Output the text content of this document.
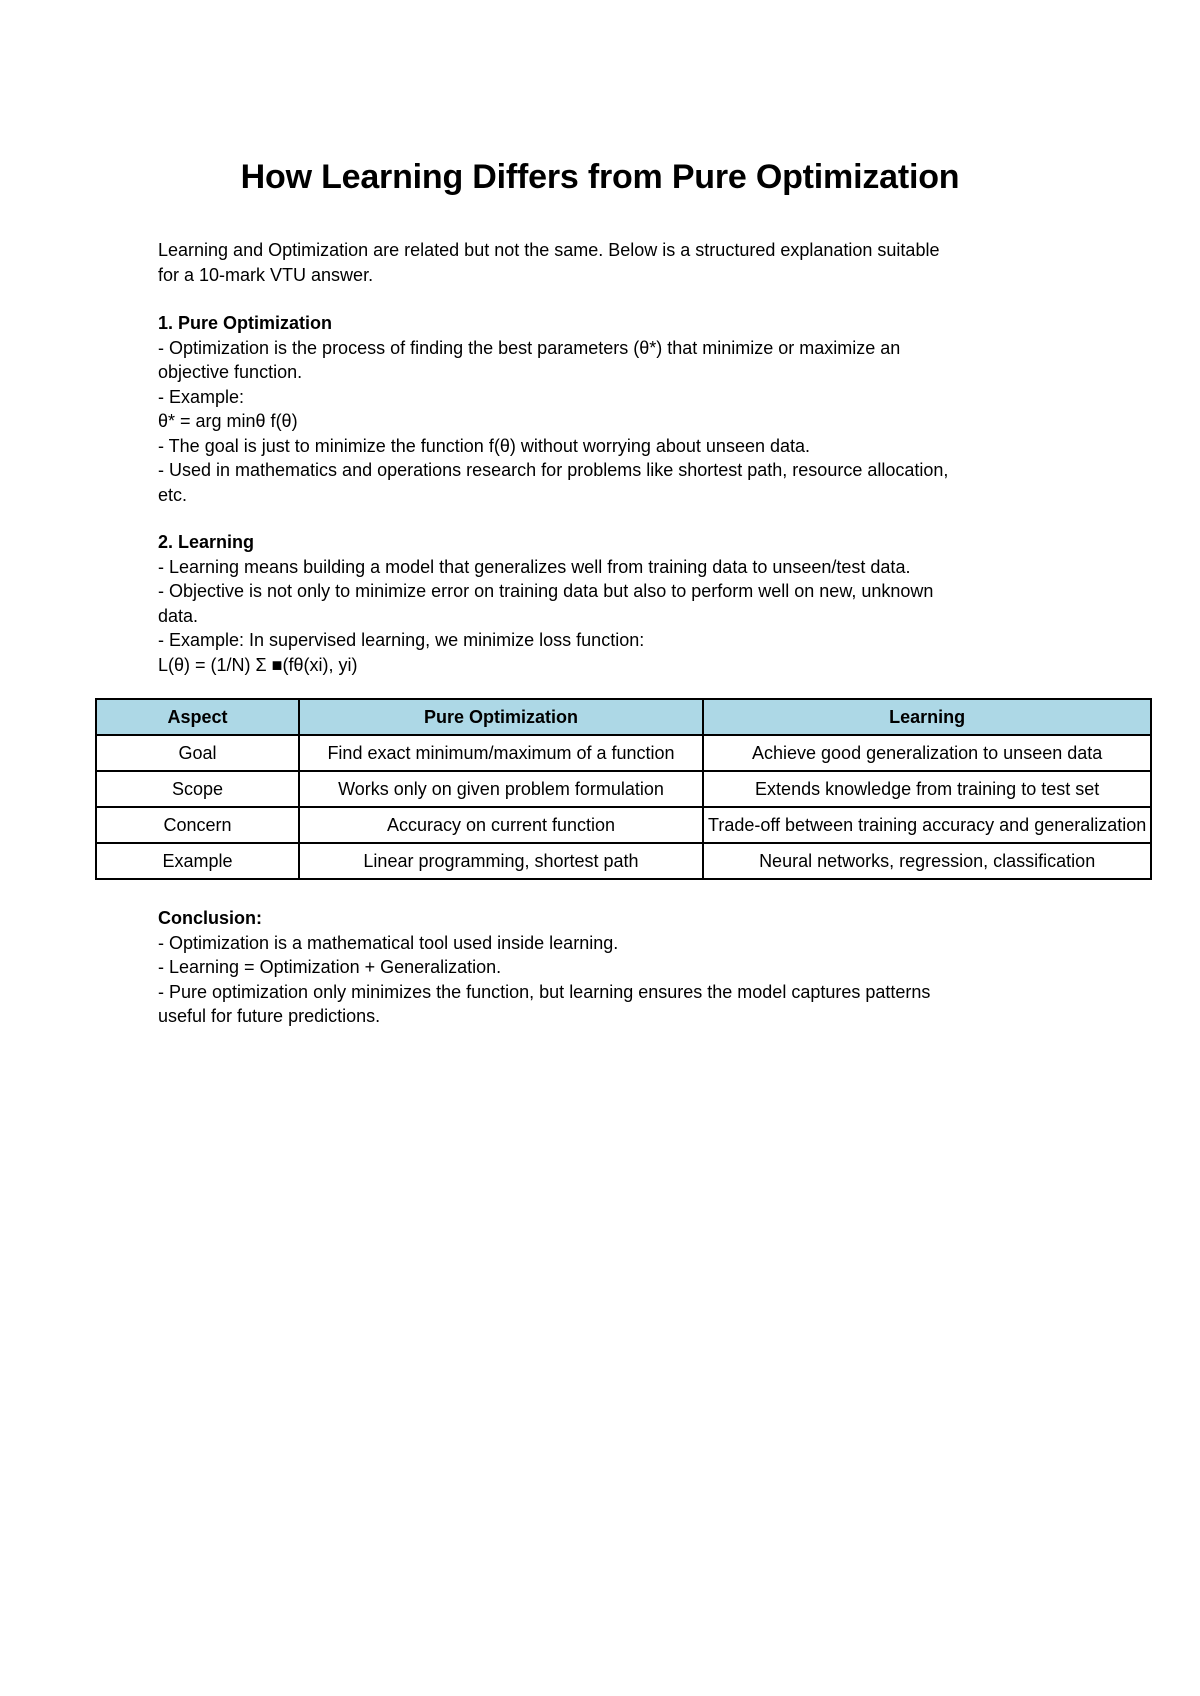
How Learning Differs from Pure Optimization

Learning and Optimization are related but not the same. Below is a structured explanation suitable

for a 10-mark VTU answer.

1. Pure Optimization

- Optimization is the process of finding the best parameters (θ*) that minimize or maximize an

objective function.

- Example:

θ* = arg minθ f(θ)

- The goal is just to minimize the function f(θ) without worrying about unseen data.

- Used in mathematics and operations research for problems like shortest path, resource allocation,

etc.

2. Learning

- Learning means building a model that generalizes well from training data to unseen/test data.

- Objective is not only to minimize error on training data but also to perform well on new, unknown

data.

- Example: In supervised learning, we minimize loss function:

L(θ) = (1/N) Σ ■(fθ(xi), yi)

Aspect	Pure Optimization	Learning
Goal	Find exact minimum/maximum of a function	Achieve good generalization to unseen data
Scope	Works only on given problem formulation	Extends knowledge from training to test set
Concern	Accuracy on current function	Trade-off between training accuracy and generalization
Example	Linear programming, shortest path	Neural networks, regression, classification

Conclusion:

- Optimization is a mathematical tool used inside learning.

- Learning = Optimization + Generalization.

- Pure optimization only minimizes the function, but learning ensures the model captures patterns

useful for future predictions.
